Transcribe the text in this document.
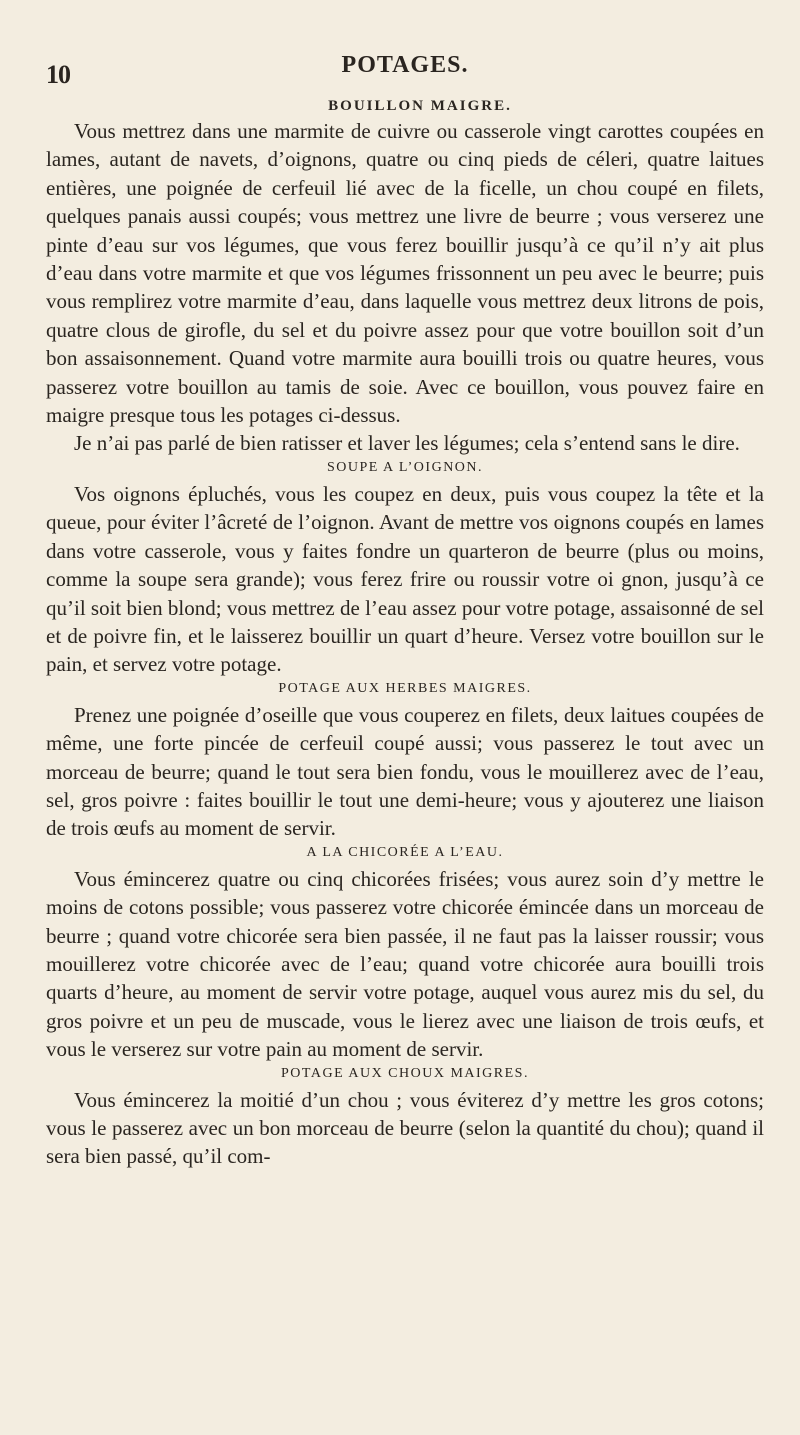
10	POTAGES.
BOUILLON MAIGRE.

Vous mettrez dans une marmite de cuivre ou casserole vingt carottes coupées en lames, autant de navets, d’oignons, quatre ou cinq pieds de céleri, quatre laitues entières, une poignée de cerfeuil lié avec de la ficelle, un chou coupé en filets, quelques panais aussi coupés; vous mettrez une livre de beurre ; vous verserez une pinte d’eau sur vos légumes, que vous ferez bouillir jusqu’à ce qu’il n’y ait plus d’eau dans votre marmite et que vos légumes frissonnent un peu avec le beurre; puis vous remplirez votre marmite d’eau, dans laquelle vous mettrez deux litrons de pois, quatre clous de girofle, du sel et du poivre assez pour que votre bouillon soit d’un bon assaisonnement. Quand votre marmite aura bouilli trois ou quatre heures, vous passerez votre bouillon au tamis de soie. Avec ce bouillon, vous pouvez faire en maigre presque tous les potages ci-dessus.

Je n’ai pas parlé de bien ratisser et laver les légumes; cela s’entend sans le dire.

SOUPE A L’OIGNON.

Vos oignons épluchés, vous les coupez en deux, puis vous coupez la tête et la queue, pour éviter l’âcreté de l’oignon. Avant de mettre vos oignons coupés en lames dans votre casserole, vous y faites fondre un quarteron de beurre (plus ou moins, comme la soupe sera grande); vous ferez frire ou roussir votre oi gnon, jusqu’à ce qu’il soit bien blond; vous mettrez de l’eau assez pour votre potage, assaisonné de sel et de poivre fin, et le laisserez bouillir un quart d’heure. Versez votre bouillon sur le pain, et servez votre potage.

POTAGE AUX HERBES MAIGRES.

Prenez une poignée d’oseille que vous couperez en filets, deux laitues coupées de même, une forte pincée de cerfeuil coupé aussi; vous passerez le tout avec un morceau de beurre; quand le tout sera bien fondu, vous le mouillerez avec de l’eau, sel, gros poivre : faites bouillir le tout une demi-heure; vous y ajouterez une liaison de trois œufs au moment de servir.

A LA CHICORÉE A L’EAU.

Vous émincerez quatre ou cinq chicorées frisées; vous aurez soin d’y mettre le moins de cotons possible; vous passerez votre chicorée émincée dans un morceau de beurre ; quand votre chicorée sera bien passée, il ne faut pas la laisser roussir; vous mouillerez votre chicorée avec de l’eau; quand votre chicorée aura bouilli trois quarts d’heure, au moment de servir votre potage, auquel vous aurez mis du sel, du gros poivre et un peu de muscade, vous le lierez avec une liaison de trois œufs, et vous le verserez sur votre pain au moment de servir.

POTAGE AUX CHOUX MAIGRES.

Vous émincerez la moitié d’un chou ; vous éviterez d’y mettre les gros cotons; vous le passerez avec un bon morceau de beurre (selon la quantité du chou); quand il sera bien passé, qu’il com-
